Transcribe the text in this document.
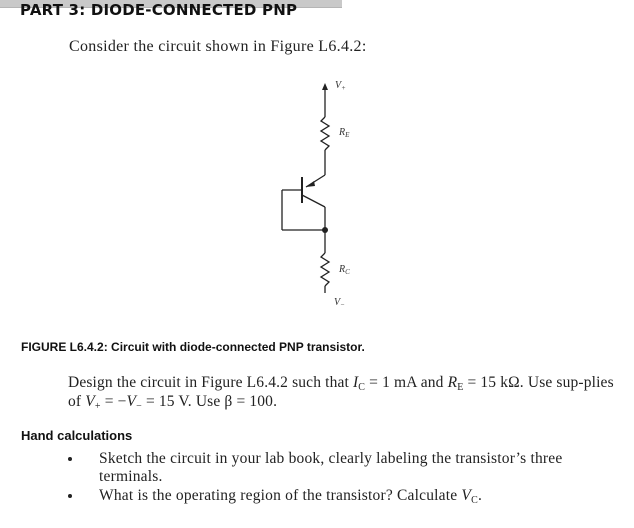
PART 3: DIODE-CONNECTED PNP
Consider the circuit shown in Figure L6.4.2:
$V_+$
$R_E$
$R_C$
$V_-$
FIGURE L6.4.2: Circuit with diode-connected PNP transistor.
Design the circuit in Figure L6.4.2 such that $I_C = 1$ mA and $R_E = 15$ kΩ. Use sup-plies of $V_+ = -V_- = 15$ V. Use β = 100.
Hand calculations
Sketch the circuit in your lab book, clearly labeling the transistor’s three terminals.
What is the operating region of the transistor? Calculate $V_C$.
